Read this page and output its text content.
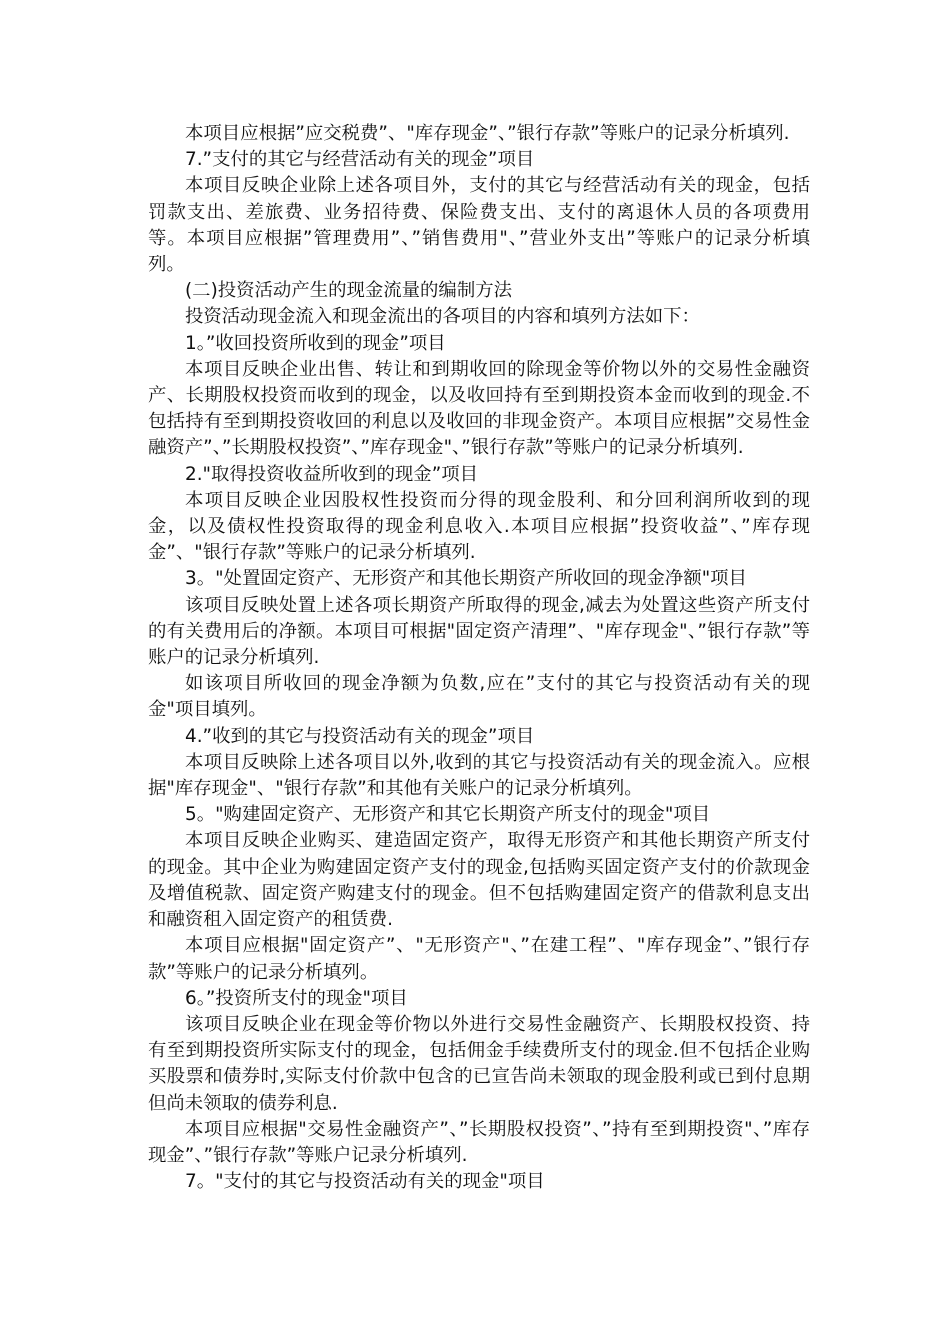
本项目应根据”应交税费”、"库存现金”、”银行存款”等账户的记录分析填列.

7.”支付的其它与经营活动有关的现金”项目

本项目反映企业除上述各项目外，支付的其它与经营活动有关的现金，包括罚款支出、差旅费、业务招待费、保险费支出、支付的离退休人员的各项费用等。本项目应根据”管理费用”、”销售费用"、”营业外支出”等账户的记录分析填列。

(二)投资活动产生的现金流量的编制方法

投资活动现金流入和现金流出的各项目的内容和填列方法如下：

1。”收回投资所收到的现金”项目

本项目反映企业出售、转让和到期收回的除现金等价物以外的交易性金融资产、长期股权投资而收到的现金，以及收回持有至到期投资本金而收到的现金.不包括持有至到期投资收回的利息以及收回的非现金资产。本项目应根据”交易性金融资产”、”长期股权投资”、”库存现金"、”银行存款”等账户的记录分析填列.

2."取得投资收益所收到的现金”项目

本项目反映企业因股权性投资而分得的现金股利、和分回利润所收到的现金，以及债权性投资取得的现金利息收入.本项目应根据”投资收益”、”库存现金”、"银行存款”等账户的记录分析填列.

3。"处置固定资产、无形资产和其他长期资产所收回的现金净额"项目

该项目反映处置上述各项长期资产所取得的现金,减去为处置这些资产所支付的有关费用后的净额。本项目可根据"固定资产清理”、"库存现金"、”银行存款”等账户的记录分析填列.

如该项目所收回的现金净额为负数,应在”支付的其它与投资活动有关的现金"项目填列。

4.”收到的其它与投资活动有关的现金”项目

本项目反映除上述各项目以外,收到的其它与投资活动有关的现金流入。应根据"库存现金"、"银行存款”和其他有关账户的记录分析填列。

5。"购建固定资产、无形资产和其它长期资产所支付的现金"项目

本项目反映企业购买、建造固定资产，取得无形资产和其他长期资产所支付的现金。其中企业为购建固定资产支付的现金,包括购买固定资产支付的价款现金及增值税款、固定资产购建支付的现金。但不包括购建固定资产的借款利息支出和融资租入固定资产的租赁费.

本项目应根据"固定资产”、"无形资产"、”在建工程”、"库存现金”、”银行存款”等账户的记录分析填列。

6。”投资所支付的现金"项目

该项目反映企业在现金等价物以外进行交易性金融资产、长期股权投资、持有至到期投资所实际支付的现金，包括佣金手续费所支付的现金.但不包括企业购买股票和债券时,实际支付价款中包含的已宣告尚未领取的现金股利或已到付息期但尚未领取的债券利息.

本项目应根据"交易性金融资产”、”长期股权投资”、”持有至到期投资"、”库存现金”、”银行存款”等账户记录分析填列.

7。"支付的其它与投资活动有关的现金"项目
